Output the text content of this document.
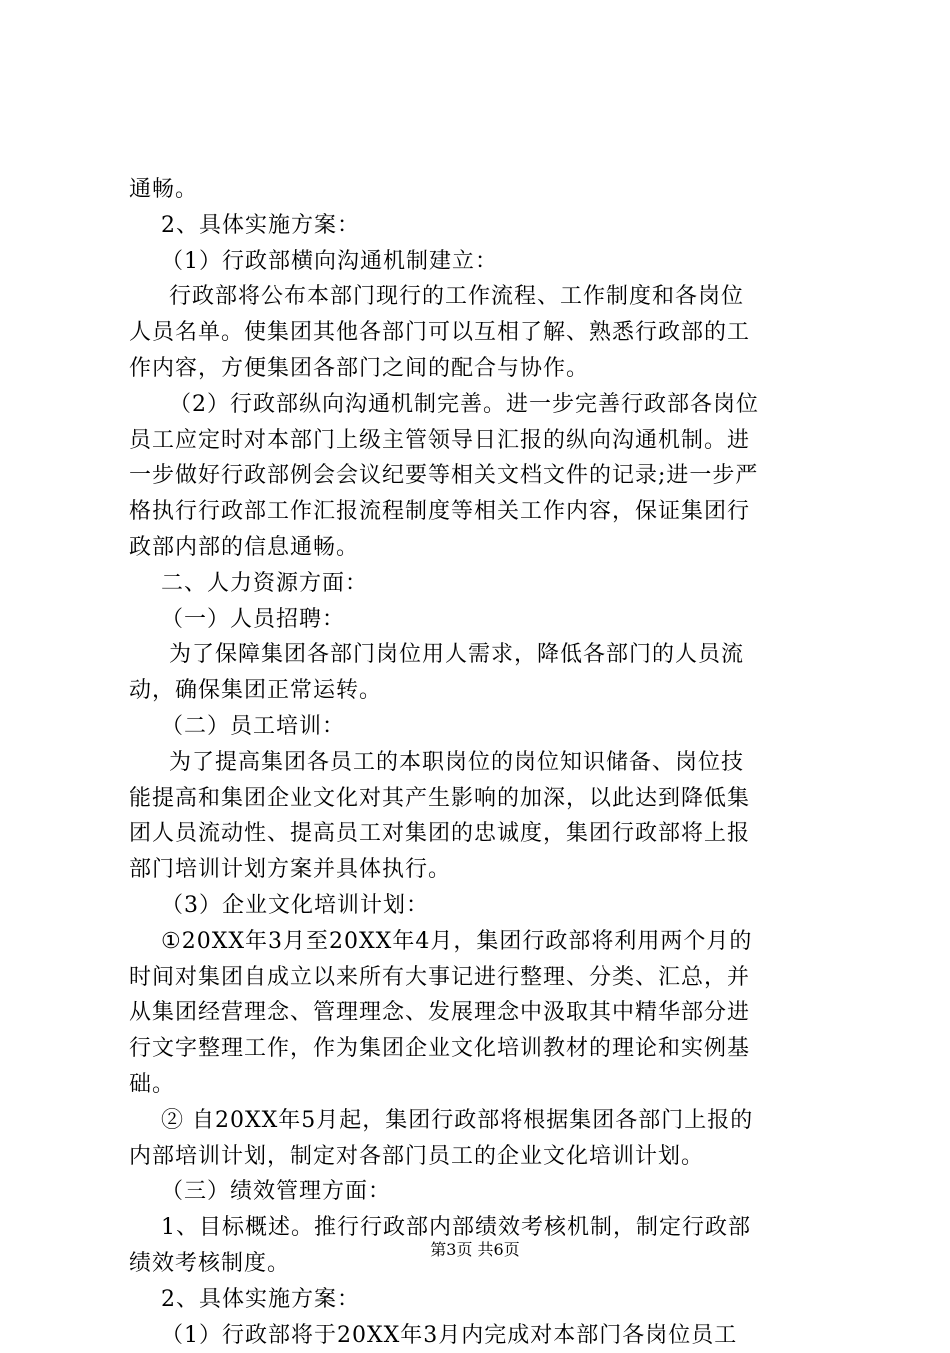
通畅。
2、具体实施方案：
（1）行政部横向沟通机制建立：
行政部将公布本部门现行的工作流程、工作制度和各岗位
人员名单。使集团其他各部门可以互相了解、熟悉行政部的工
作内容，方便集团各部门之间的配合与协作。
（2）行政部纵向沟通机制完善。进一步完善行政部各岗位
员工应定时对本部门上级主管领导日汇报的纵向沟通机制。进
一步做好行政部例会会议纪要等相关文档文件的记录;进一步严
格执行行政部工作汇报流程制度等相关工作内容，保证集团行
政部内部的信息通畅。
二、人力资源方面：
（一）人员招聘：
为了保障集团各部门岗位用人需求，降低各部门的人员流
动，确保集团正常运转。
（二）员工培训：
为了提高集团各员工的本职岗位的岗位知识储备、岗位技
能提高和集团企业文化对其产生影响的加深，以此达到降低集
团人员流动性、提高员工对集团的忠诚度，集团行政部将上报
部门培训计划方案并具体执行。
（3）企业文化培训计划：
①20XX年3月至20XX年4月，集团行政部将利用两个月的
时间对集团自成立以来所有大事记进行整理、分类、汇总，并
从集团经营理念、管理理念、发展理念中汲取其中精华部分进
行文字整理工作，作为集团企业文化培训教材的理论和实例基
础。
② 自20XX年5月起，集团行政部将根据集团各部门上报的
内部培训计划，制定对各部门员工的企业文化培训计划。
（三）绩效管理方面：
1、目标概述。推行行政部内部绩效考核机制，制定行政部
绩效考核制度。
2、具体实施方案：
（1）行政部将于20XX年3月内完成对本部门各岗位员工
第3页 共6页
